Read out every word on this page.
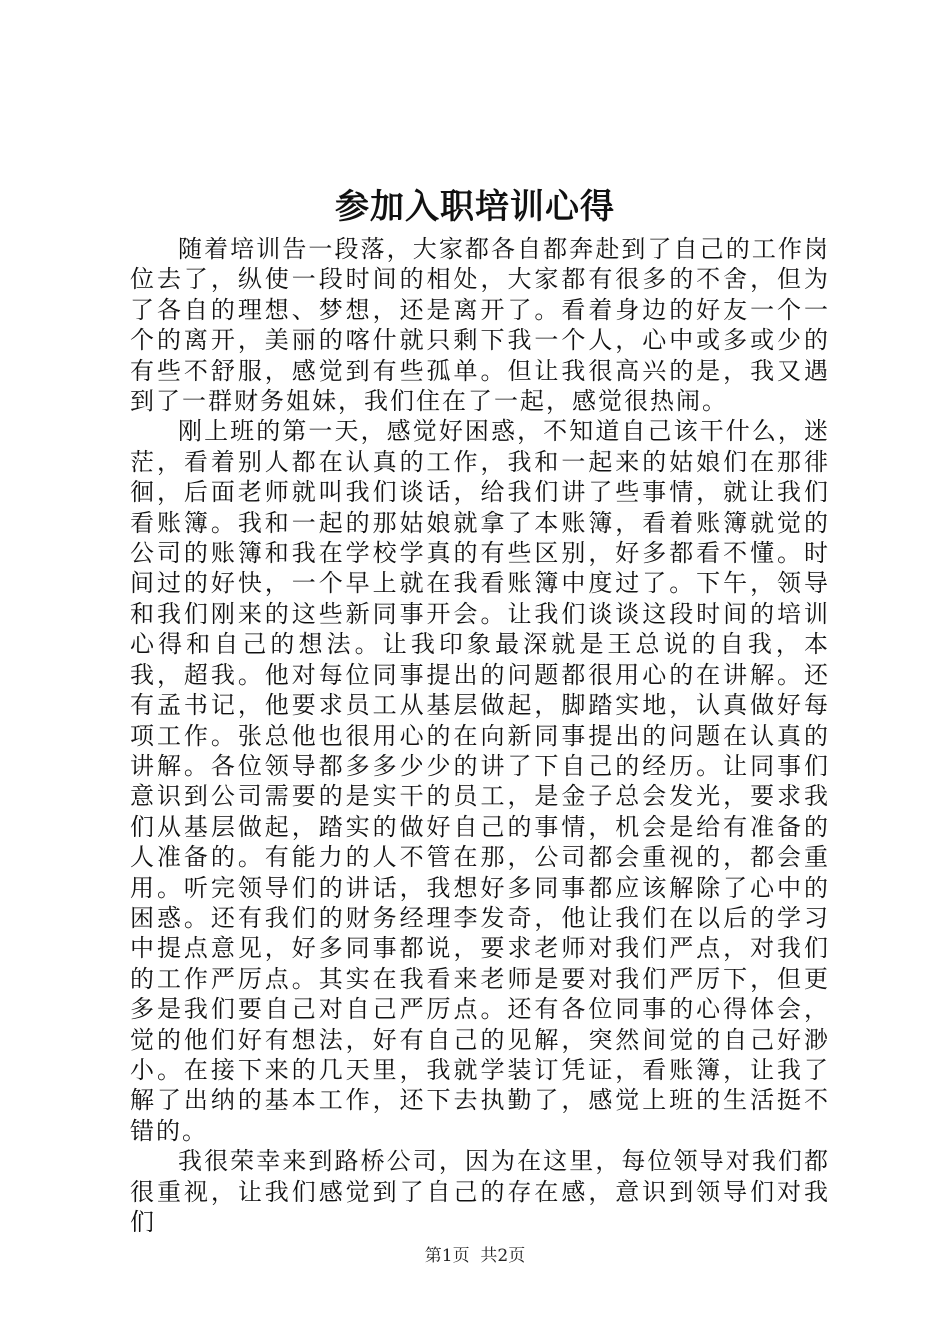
参加入职培训心得

随着培训告一段落，大家都各自都奔赴到了自己的工作岗位去了，纵使一段时间的相处，大家都有很多的不舍，但为了各自的理想、梦想，还是离开了。看着身边的好友一个一个的离开，美丽的喀什就只剩下我一个人，心中或多或少的有些不舒服，感觉到有些孤单。但让我很高兴的是，我又遇到了一群财务姐妹，我们住在了一起，感觉很热闹。

刚上班的第一天，感觉好困惑，不知道自己该干什么，迷茫，看着别人都在认真的工作，我和一起来的姑娘们在那徘徊，后面老师就叫我们谈话，给我们讲了些事情，就让我们看账簿。我和一起的那姑娘就拿了本账簿，看着账簿就觉的公司的账簿和我在学校学真的有些区别，好多都看不懂。时间过的好快，一个早上就在我看账簿中度过了。下午，领导和我们刚来的这些新同事开会。让我们谈谈这段时间的培训心得和自己的想法。让我印象最深就是王总说的自我，本我，超我。他对每位同事提出的问题都很用心的在讲解。还有孟书记，他要求员工从基层做起，脚踏实地，认真做好每项工作。张总他也很用心的在向新同事提出的问题在认真的讲解。各位领导都多多少少的讲了下自己的经历。让同事们意识到公司需要的是实干的员工，是金子总会发光，要求我们从基层做起，踏实的做好自己的事情，机会是给有准备的人准备的。有能力的人不管在那，公司都会重视的，都会重用。听完领导们的讲话，我想好多同事都应该解除了心中的困惑。还有我们的财务经理李发奇，他让我们在以后的学习中提点意见，好多同事都说，要求老师对我们严点，对我们的工作严厉点。其实在我看来老师是要对我们严厉下，但更多是我们要自己对自己严厉点。还有各位同事的心得体会，觉的他们好有想法，好有自己的见解，突然间觉的自己好渺小。在接下来的几天里，我就学装订凭证，看账簿，让我了解了出纳的基本工作，还下去执勤了，感觉上班的生活挺不错的。

我很荣幸来到路桥公司，因为在这里，每位领导对我们都很重视，让我们感觉到了自己的存在感，意识到领导们对我们

第1页 共2页
